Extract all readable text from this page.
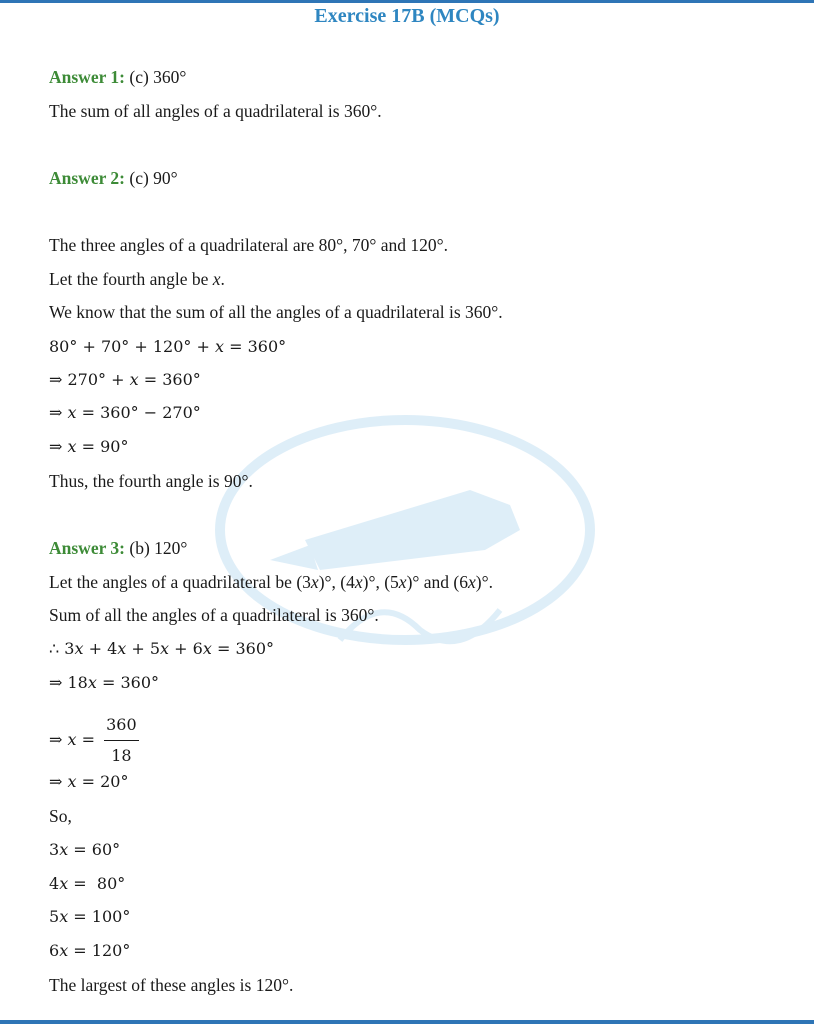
Exercise 17B (MCQs)
Answer 1: (c) 360°
The sum of all angles of a quadrilateral is 360°.
Answer 2: (c) 90°
The three angles of a quadrilateral are 80°, 70° and 120°.
Let the fourth angle be x.
We know that the sum of all the angles of a quadrilateral is 360°.
80° + 70° + 120° + x = 360°
⇒ 270° + x = 360°
⇒ x = 360° − 270°
⇒ x = 90°
Thus, the fourth angle is 90°.
Answer 3: (b) 120°
Let the angles of a quadrilateral be (3x)°, (4x)°, (5x)° and (6x)°.
Sum of all the angles of a quadrilateral is 360°.
∴ 3x + 4x + 5x + 6x = 360°
⇒ 18x = 360°
⇒ $x = \frac{360}{18}$
⇒ x = 20°
So,
3x = 60°
4x =  80°
5x = 100°
6x = 120°
The largest of these angles is 120°.
